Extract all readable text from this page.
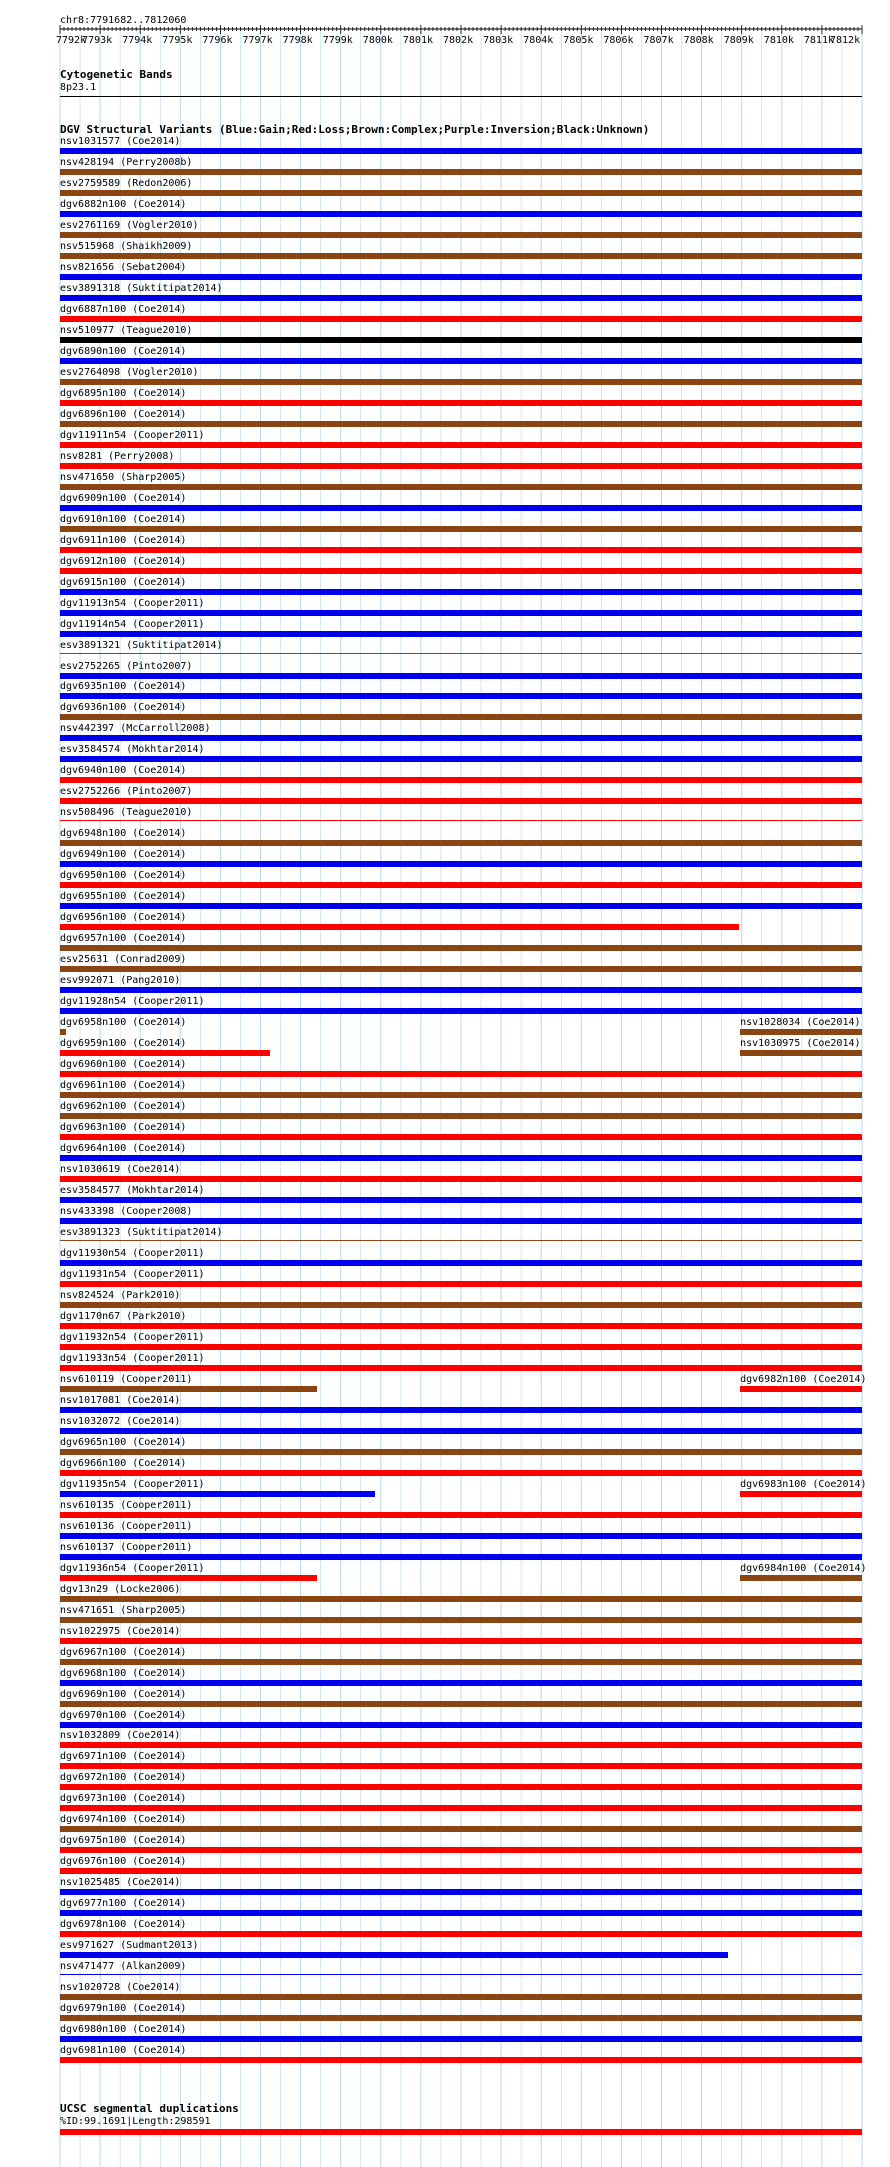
chr8:7791682..7812060
7792k
7793k 7794k 7795k 7796k 7797k 7798k 7799k 7800k 7801k 7802k 7803k 7804k 7805k 7806k 7807k 7808k 7809k 7810k 7811k
7812k
Cytogenetic Bands
8p23.1
DGV Structural Variants (Blue:Gain;Red:Loss;Brown:Complex;Purple:Inversion;Black:Unknown)
nsv1031577 (Coe2014)
nsv428194 (Perry2008b)
esv2759589 (Redon2006)
dgv6882n100 (Coe2014)
esv2761169 (Vogler2010)
nsv515968 (Shaikh2009)
nsv821656 (Sebat2004)
esv3891318 (Suktitipat2014)
dgv6887n100 (Coe2014)
nsv510977 (Teague2010)
dgv6890n100 (Coe2014)
esv2764098 (Vogler2010)
dgv6895n100 (Coe2014)
dgv6896n100 (Coe2014)
dgv11911n54 (Cooper2011)
nsv8281 (Perry2008)
nsv471650 (Sharp2005)
dgv6909n100 (Coe2014)
dgv6910n100 (Coe2014)
dgv6911n100 (Coe2014)
dgv6912n100 (Coe2014)
dgv6915n100 (Coe2014)
dgv11913n54 (Cooper2011)
dgv11914n54 (Cooper2011)
esv3891321 (Suktitipat2014)
esv2752265 (Pinto2007)
dgv6935n100 (Coe2014)
dgv6936n100 (Coe2014)
nsv442397 (McCarroll2008)
esv3584574 (Mokhtar2014)
dgv6940n100 (Coe2014)
esv2752266 (Pinto2007)
nsv508496 (Teague2010)
dgv6948n100 (Coe2014)
dgv6949n100 (Coe2014)
dgv6950n100 (Coe2014)
dgv6955n100 (Coe2014)
dgv6956n100 (Coe2014)
dgv6957n100 (Coe2014)
esv25631 (Conrad2009)
esv992071 (Pang2010)
dgv11928n54 (Cooper2011)
dgv6958n100 (Coe2014)	nsv1028034 (Coe2014)
dgv6959n100 (Coe2014)	nsv1030975 (Coe2014)
dgv6960n100 (Coe2014)
dgv6961n100 (Coe2014)
dgv6962n100 (Coe2014)
dgv6963n100 (Coe2014)
dgv6964n100 (Coe2014)
nsv1030619 (Coe2014)
esv3584577 (Mokhtar2014)
nsv433398 (Cooper2008)
esv3891323 (Suktitipat2014)
dgv11930n54 (Cooper2011)
dgv11931n54 (Cooper2011)
nsv824524 (Park2010)
dgv1170n67 (Park2010)
dgv11932n54 (Cooper2011)
dgv11933n54 (Cooper2011)
nsv610119 (Cooper2011)	dgv6982n100 (Coe2014)
nsv1017081 (Coe2014)
nsv1032072 (Coe2014)
dgv6965n100 (Coe2014)
dgv6966n100 (Coe2014)
dgv11935n54 (Cooper2011)	dgv6983n100 (Coe2014)
nsv610135 (Cooper2011)
nsv610136 (Cooper2011)
nsv610137 (Cooper2011)
dgv11936n54 (Cooper2011)	dgv6984n100 (Coe2014)
dgv13n29 (Locke2006)
nsv471651 (Sharp2005)
nsv1022975 (Coe2014)
dgv6967n100 (Coe2014)
dgv6968n100 (Coe2014)
dgv6969n100 (Coe2014)
dgv6970n100 (Coe2014)
nsv1032809 (Coe2014)
dgv6971n100 (Coe2014)
dgv6972n100 (Coe2014)
dgv6973n100 (Coe2014)
dgv6974n100 (Coe2014)
dgv6975n100 (Coe2014)
dgv6976n100 (Coe2014)
nsv1025485 (Coe2014)
dgv6977n100 (Coe2014)
dgv6978n100 (Coe2014)
esv971627 (Sudmant2013)
nsv471477 (Alkan2009)
nsv1020728 (Coe2014)
dgv6979n100 (Coe2014)
dgv6980n100 (Coe2014)
dgv6981n100 (Coe2014)
UCSC segmental duplications
%ID:99.1691|Length:298591
